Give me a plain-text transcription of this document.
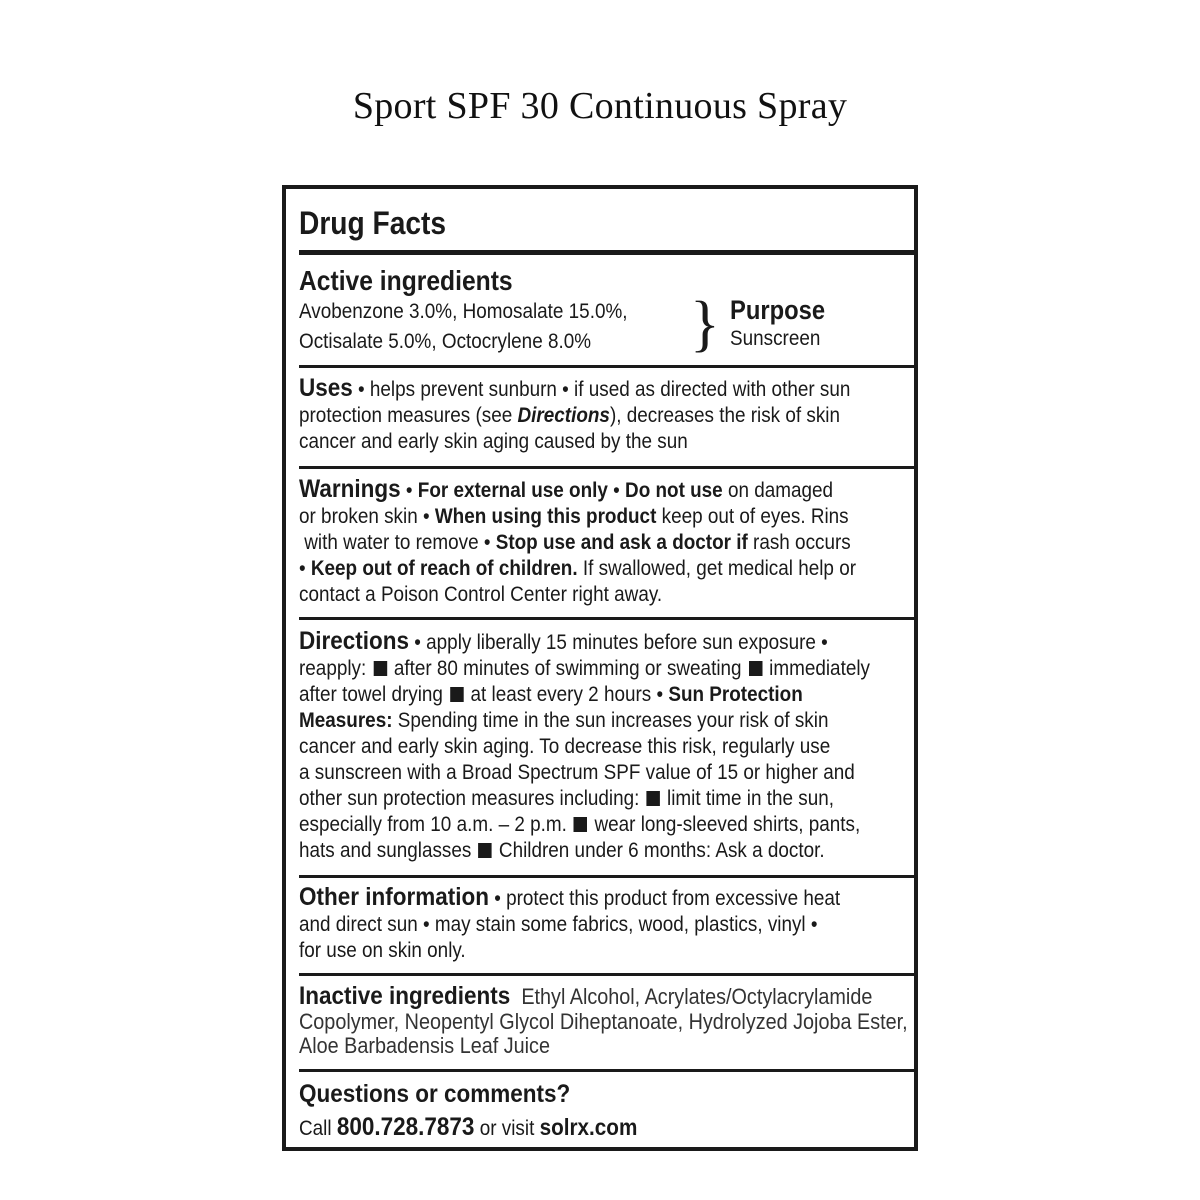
Sport SPF 30 Continuous Spray
Drug Facts
Active ingredients
Avobenzone 3.0%, Homosalate 15.0%,
Octisalate 5.0%, Octocrylene 8.0%	} Purpose
Sunscreen
Uses • helps prevent sunburn • if used as directed with other sun
protection measures (see Directions), decreases the risk of skin
cancer and early skin aging caused by the sun
Warnings • For external use only • Do not use on damaged
or broken skin • When using this product keep out of eyes. Rins
with water to remove • Stop use and ask a doctor if rash occurs
• Keep out of reach of children. If swallowed, get medical help or
contact a Poison Control Center right away.
Directions • apply liberally 15 minutes before sun exposure •
reapply:  after 80 minutes of swimming or sweating  immediately
after towel drying  at least every 2 hours • Sun Protection
Measures: Spending time in the sun increases your risk of skin
cancer and early skin aging. To decrease this risk, regularly use
a sunscreen with a Broad Spectrum SPF value of 15 or higher and
other sun protection measures including:  limit time in the sun,
especially from 10 a.m. – 2 p.m.  wear long-sleeved shirts, pants,
hats and sunglasses  Children under 6 months: Ask a doctor.
Other information • protect this product from excessive heat
and direct sun • may stain some fabrics, wood, plastics, vinyl •
for use on skin only.
Inactive ingredients  Ethyl Alcohol, Acrylates/Octylacrylamide
Copolymer, Neopentyl Glycol Diheptanoate, Hydrolyzed Jojoba Ester,
Aloe Barbadensis Leaf Juice
Questions or comments?
Call 800.728.7873 or visit solrx.com
